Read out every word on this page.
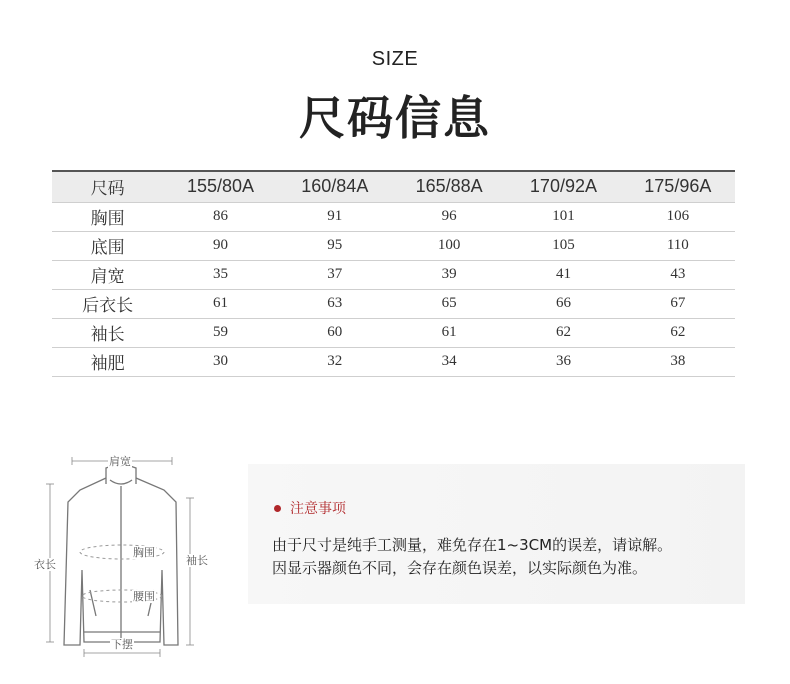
SIZE
尺码信息
尺码	155/80A	160/84A	165/88A	170/92A	175/96A
胸围	86	91	96	101	106
底围	90	95	100	105	110
肩宽	35	37	39	41	43
后衣长	61	63	65	66	67
袖长	59	60	61	62	62
袖肥	30	32	34	36	38
肩宽
衣长	袖长
胸围
腰围
下摆
注意事项
由于尺寸是纯手工测量，难免存在1~3CM的误差，请谅解。
因显示器颜色不同，会存在颜色误差，以实际颜色为准。
